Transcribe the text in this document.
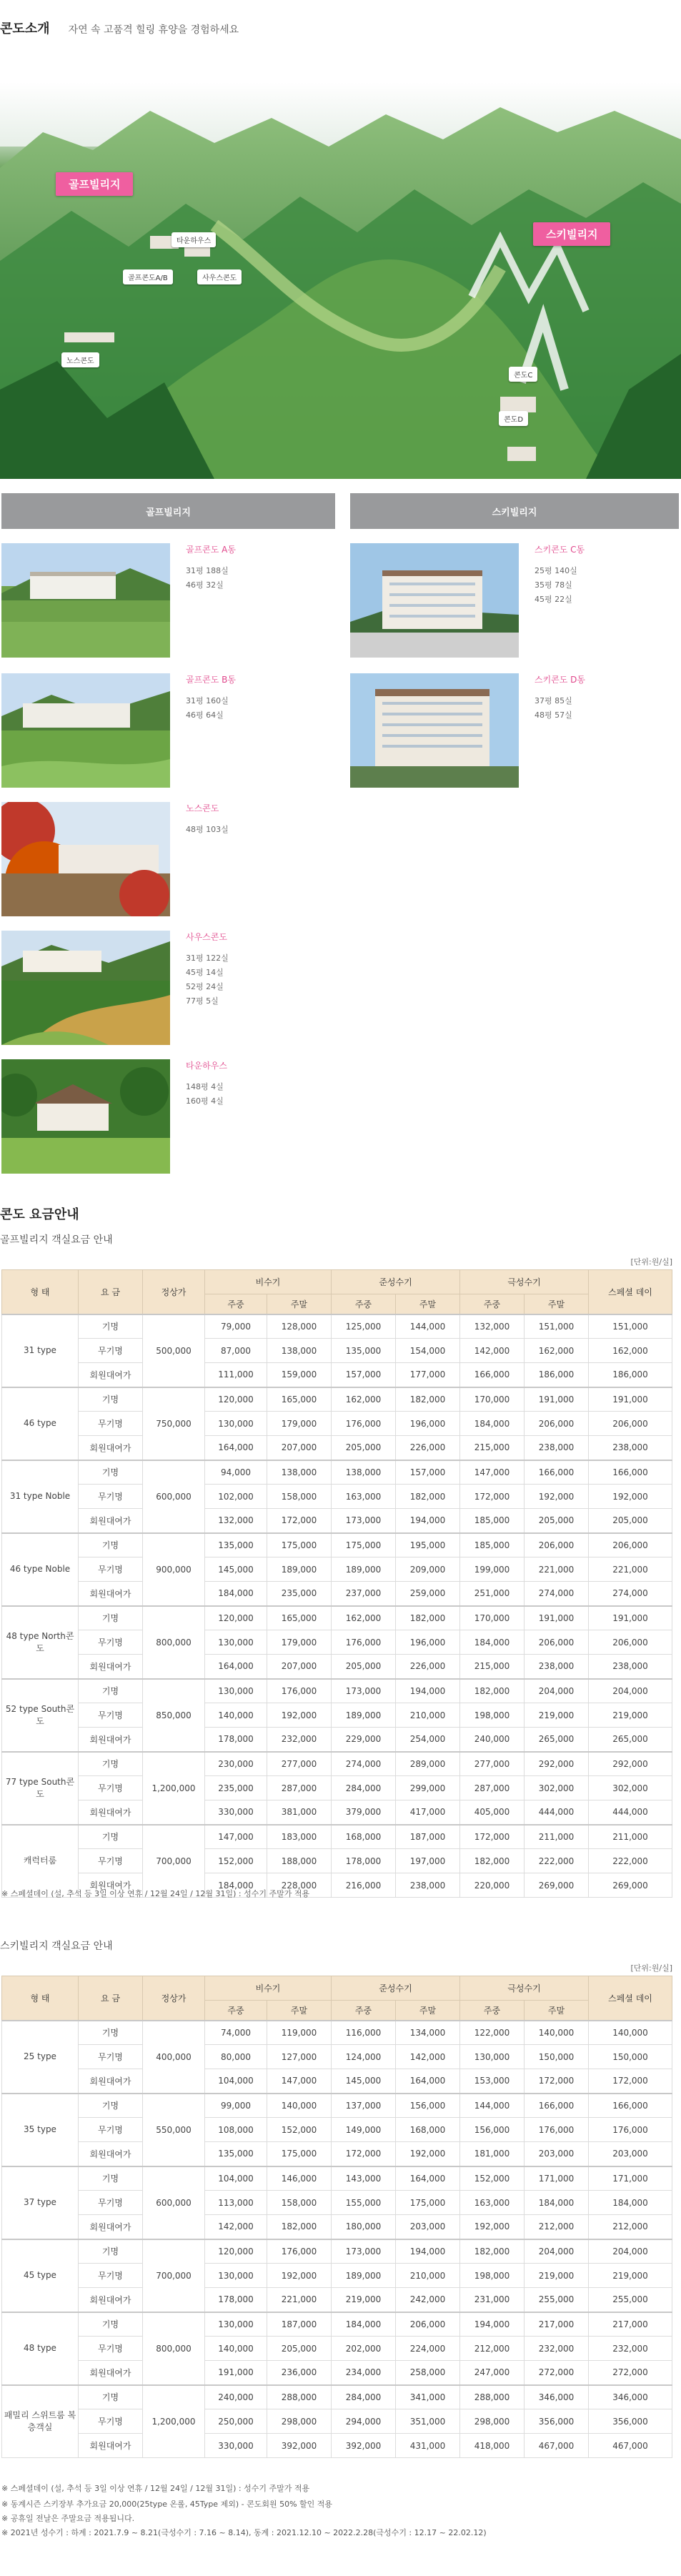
콘도소개 자연 속 고품격 힐링 휴양을 경험하세요
골프빌리지
스키빌리지
타운하우스
골프콘도A/B	사우스콘도
노스콘도
콘도C
콘도D
골프빌리지	스키빌리지
골프콘도 A동
31평 188실
46평 32실
골프콘도 B동
31평 160실
46평 64실
노스콘도
48평 103실
사우스콘도
31평 122실
45평 14실
52평 24실
77평 5실
타운하우스
148평 4실
160평 4실
스키콘도 C동
25평 140실
35평 78실
45평 22실
스키콘도 D동
37평 85실
48평 57실
콘도 요금안내
골프빌리지 객실요금 안내
[단위:원/실]
형 태	요 금	정상가	비수기		준성수기		극성수기		스페셜 데이
			주중	주말	주중	주말	주중	주말	
31 type	기명	500,000	79,000	128,000	125,000	144,000	132,000	151,000	151,000
	무기명		87,000	138,000	135,000	154,000	142,000	162,000	162,000
	회원대여가		111,000	159,000	157,000	177,000	166,000	186,000	186,000
46 type	기명	750,000	120,000	165,000	162,000	182,000	170,000	191,000	191,000
	무기명		130,000	179,000	176,000	196,000	184,000	206,000	206,000
	회원대여가		164,000	207,000	205,000	226,000	215,000	238,000	238,000
31 type Noble	기명	600,000	94,000	138,000	138,000	157,000	147,000	166,000	166,000
	무기명		102,000	158,000	163,000	182,000	172,000	192,000	192,000
	회원대여가		132,000	172,000	173,000	194,000	185,000	205,000	205,000
46 type Noble	기명	900,000	135,000	175,000	175,000	195,000	185,000	206,000	206,000
	무기명		145,000	189,000	189,000	209,000	199,000	221,000	221,000
	회원대여가		184,000	235,000	237,000	259,000	251,000	274,000	274,000
48 type North콘도	기명	800,000	120,000	165,000	162,000	182,000	170,000	191,000	191,000
	무기명		130,000	179,000	176,000	196,000	184,000	206,000	206,000
	회원대여가		164,000	207,000	205,000	226,000	215,000	238,000	238,000
52 type South콘도	기명	850,000	130,000	176,000	173,000	194,000	182,000	204,000	204,000
	무기명		140,000	192,000	189,000	210,000	198,000	219,000	219,000
	회원대여가		178,000	232,000	229,000	254,000	240,000	265,000	265,000
77 type South콘도	기명	1,200,000	230,000	277,000	274,000	289,000	277,000	292,000	292,000
	무기명		235,000	287,000	284,000	299,000	287,000	302,000	302,000
	회원대여가		330,000	381,000	379,000	417,000	405,000	444,000	444,000
캐럭터룸	기명	700,000	147,000	183,000	168,000	187,000	172,000	211,000	211,000
	무기명		152,000	188,000	178,000	197,000	182,000	222,000	222,000
	회원대여가		184,000	228,000	216,000	238,000	220,000	269,000	269,000
※ 스페셜데이 (설, 추석 등 3일 이상 연휴 / 12월 24일 / 12월 31일) : 성수기 주말가 적용
스키빌리지 객실요금 안내
[단위:원/실]
형 태	요 금	정상가	비수기		준성수기		극성수기		스페셜 데이
			주중	주말	주중	주말	주중	주말	
25 type	기명	400,000	74,000	119,000	116,000	134,000	122,000	140,000	140,000
	무기명		80,000	127,000	124,000	142,000	130,000	150,000	150,000
	회원대여가		104,000	147,000	145,000	164,000	153,000	172,000	172,000
35 type	기명	550,000	99,000	140,000	137,000	156,000	144,000	166,000	166,000
	무기명		108,000	152,000	149,000	168,000	156,000	176,000	176,000
	회원대여가		135,000	175,000	172,000	192,000	181,000	203,000	203,000
37 type	기명	600,000	104,000	146,000	143,000	164,000	152,000	171,000	171,000
	무기명		113,000	158,000	155,000	175,000	163,000	184,000	184,000
	회원대여가		142,000	182,000	180,000	203,000	192,000	212,000	212,000
45 type	기명	700,000	120,000	176,000	173,000	194,000	182,000	204,000	204,000
	무기명		130,000	192,000	189,000	210,000	198,000	219,000	219,000
	회원대여가		178,000	221,000	219,000	242,000	231,000	255,000	255,000
48 type	기명	800,000	130,000	187,000	184,000	206,000	194,000	217,000	217,000
	무기명		140,000	205,000	202,000	224,000	212,000	232,000	232,000
	회원대여가		191,000	236,000	234,000	258,000	247,000	272,000	272,000
패밀리 스위트룸 복층객실	기명	1,200,000	240,000	288,000	284,000	341,000	288,000	346,000	346,000
	무기명		250,000	298,000	294,000	351,000	298,000	356,000	356,000
	회원대여가		330,000	392,000	392,000	431,000	418,000	467,000	467,000
※ 스페셜데이 (설, 추석 등 3일 이상 연휴 / 12월 24일 / 12월 31일) : 성수기 주말가 적용
※ 동계시즌 스키장부 추가요금 20,000(25type 온롤, 45Type 제외) - 콘도회원 50% 할인 적용
※ 공휴일 전날은 주말요금 적용됩니다.
※ 2021년 성수기 : 하계 : 2021.7.9 ~ 8.21(극성수기 : 7.16 ~ 8.14), 동계 : 2021.12.10 ~ 2022.2.28(극성수기 : 12.17 ~ 22.02.12)
